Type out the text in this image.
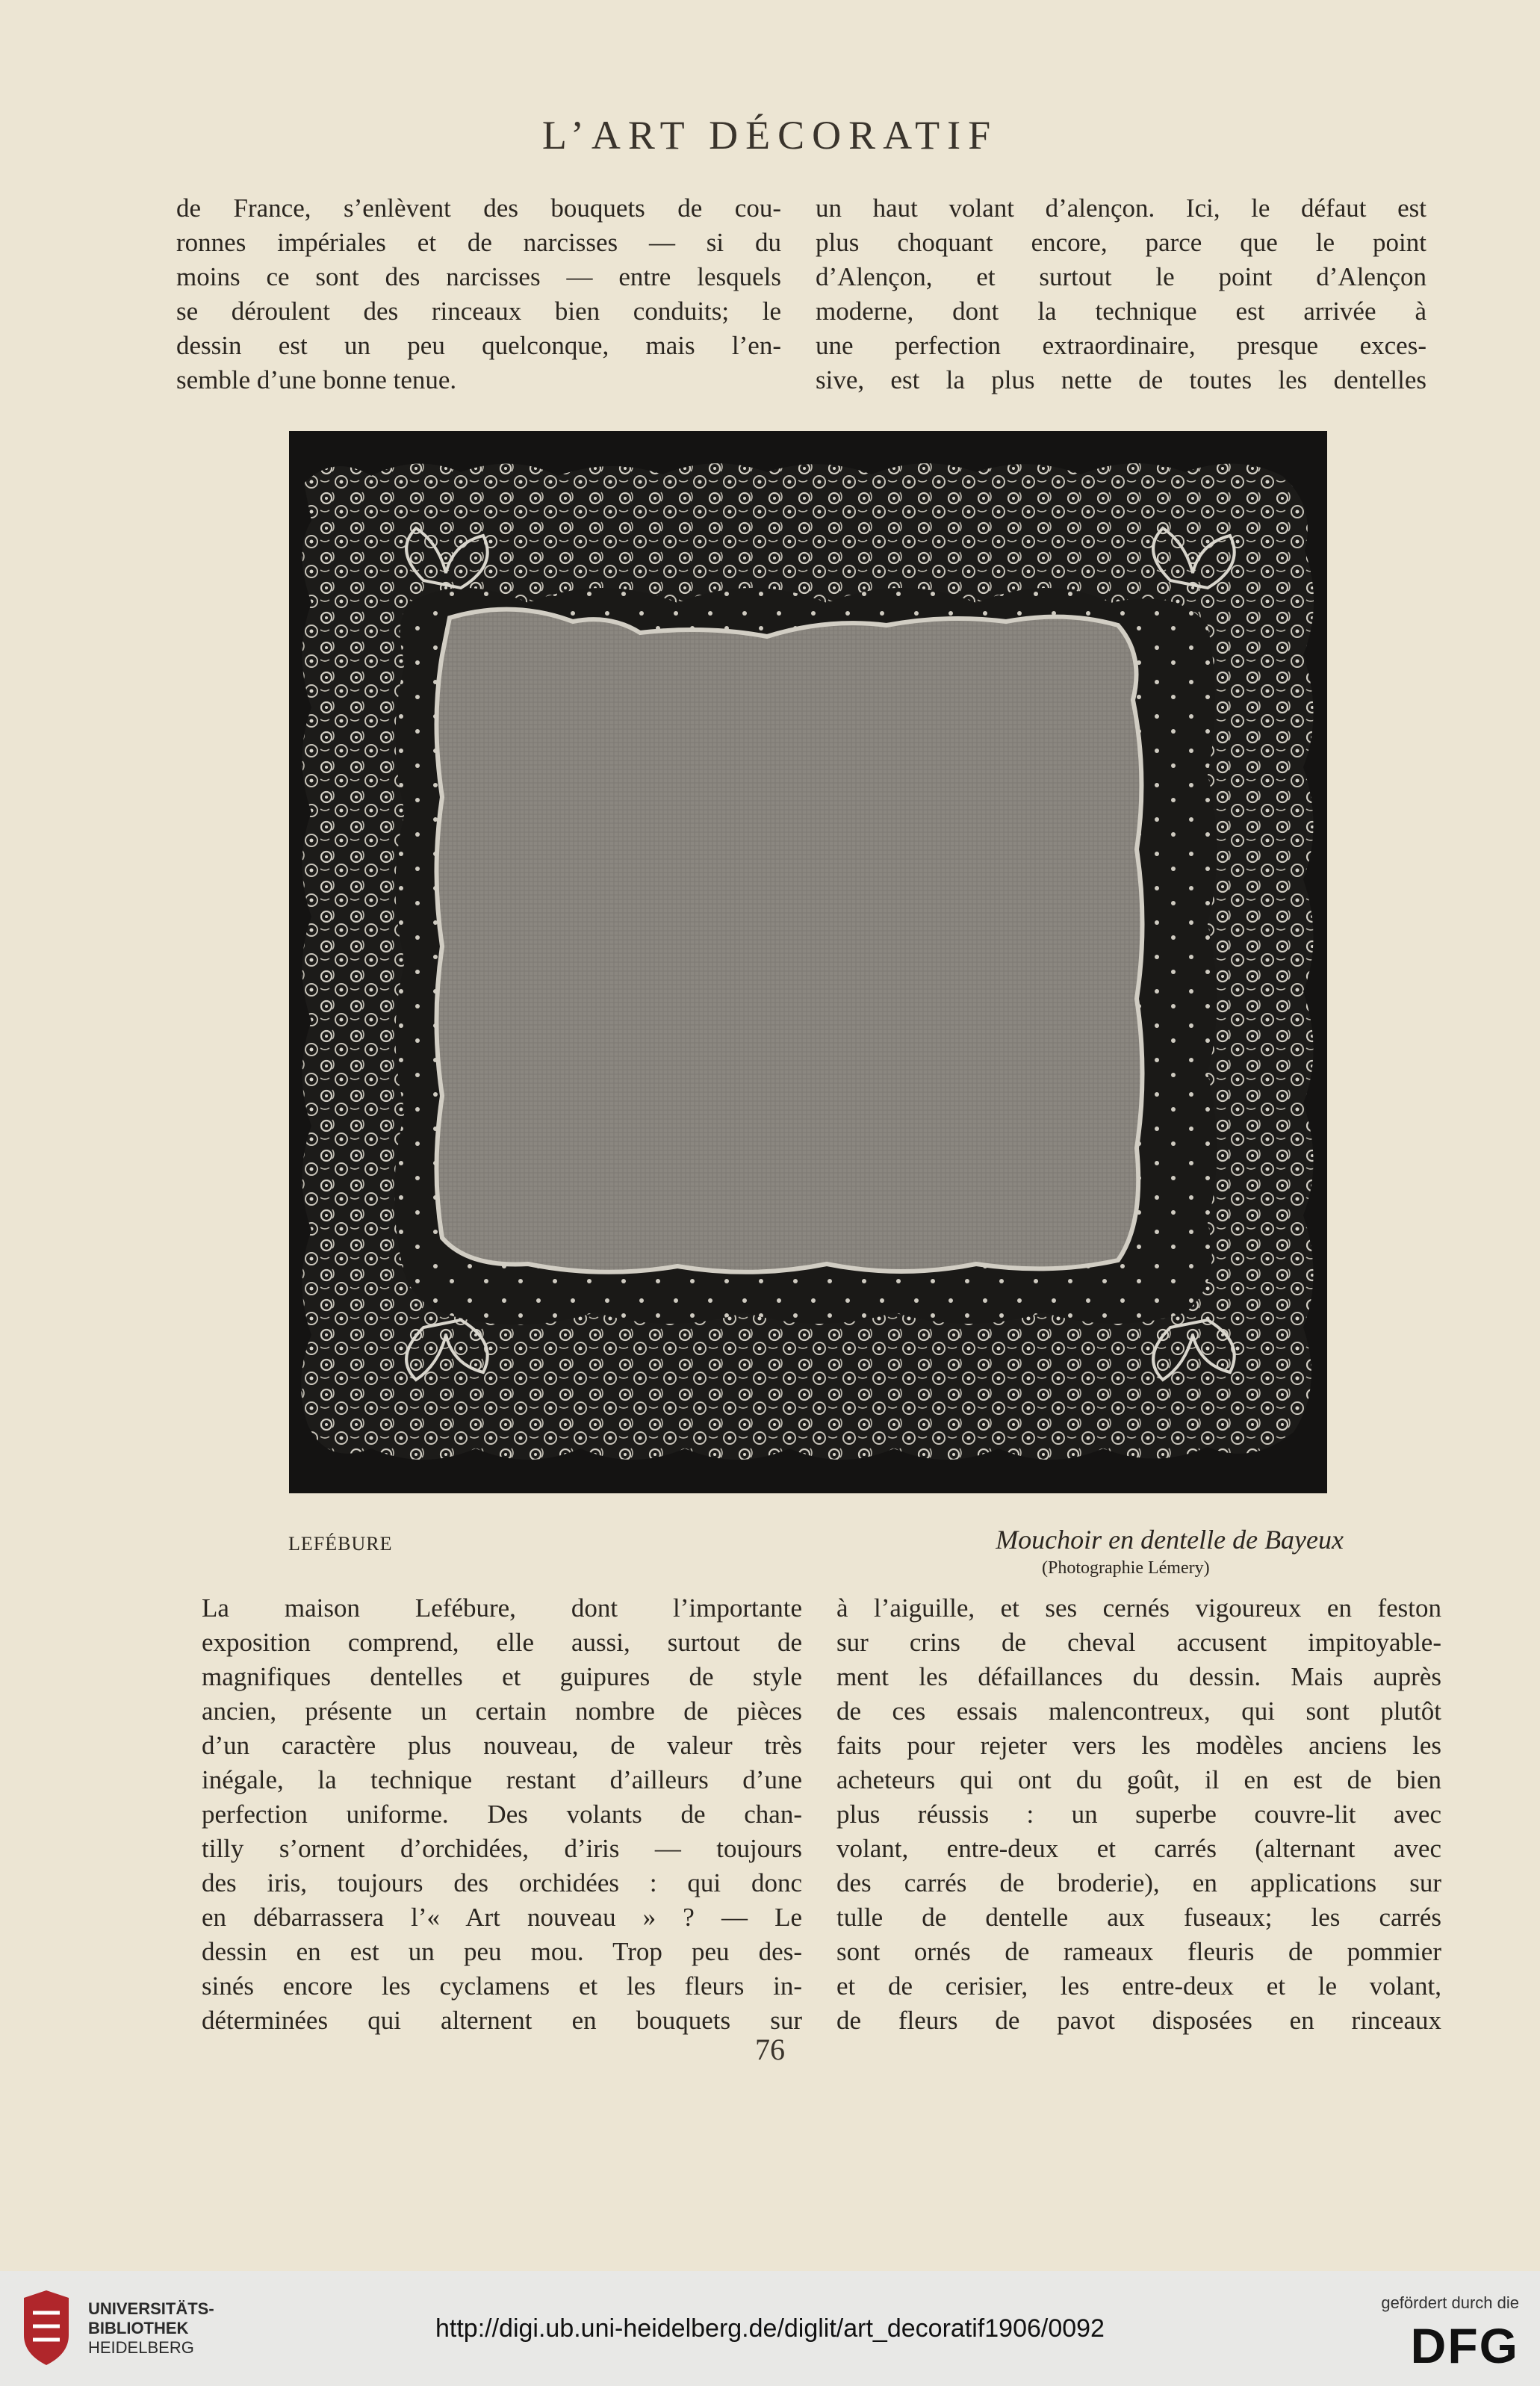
L’ART DÉCORATIF
de France, s’enlèvent des bouquets de cou-
ronnes impériales et de narcisses — si du
moins ce sont des narcisses — entre lesquels
se déroulent des rinceaux bien conduits; le
dessin est un peu quelconque, mais l’en-
semble d’une bonne tenue.
un haut volant d’alençon. Ici, le défaut est
plus choquant encore, parce que le point
d’Alençon, et surtout le point d’Alençon
moderne, dont la technique est arrivée à
une perfection extraordinaire, presque exces-
sive, est la plus nette de toutes les dentelles
LEFÉBURE	Mouchoir en dentelle de Bayeux
(Photographie Lémery)
La maison Lefébure, dont l’importante
exposition comprend, elle aussi, surtout de
magnifiques dentelles et guipures de style
ancien, présente un certain nombre de pièces
d’un caractère plus nouveau, de valeur très
inégale, la technique restant d’ailleurs d’une
perfection uniforme. Des volants de chan-
tilly s’ornent d’orchidées, d’iris — toujours
des iris, toujours des orchidées : qui donc
en débarrassera l’« Art nouveau » ? — Le
dessin en est un peu mou. Trop peu des-
sinés encore les cyclamens et les fleurs in-
déterminées qui alternent en bouquets sur
à l’aiguille, et ses cernés vigoureux en feston
sur crins de cheval accusent impitoyable-
ment les défaillances du dessin. Mais auprès
de ces essais malencontreux, qui sont plutôt
faits pour rejeter vers les modèles anciens les
acheteurs qui ont du goût, il en est de bien
plus réussis : un superbe couvre-lit avec
volant, entre-deux et carrés (alternant avec
des carrés de broderie), en applications sur
tulle de dentelle aux fuseaux; les carrés
sont ornés de rameaux fleuris de pommier
et de cerisier, les entre-deux et le volant,
de fleurs de pavot disposées en rinceaux
76
UNIVERSITÄTS-
BIBLIOTHEK
HEIDELBERG
http://digi.ub.uni-heidelberg.de/diglit/art_decoratif1906/0092
gefördert durch die
DFG
